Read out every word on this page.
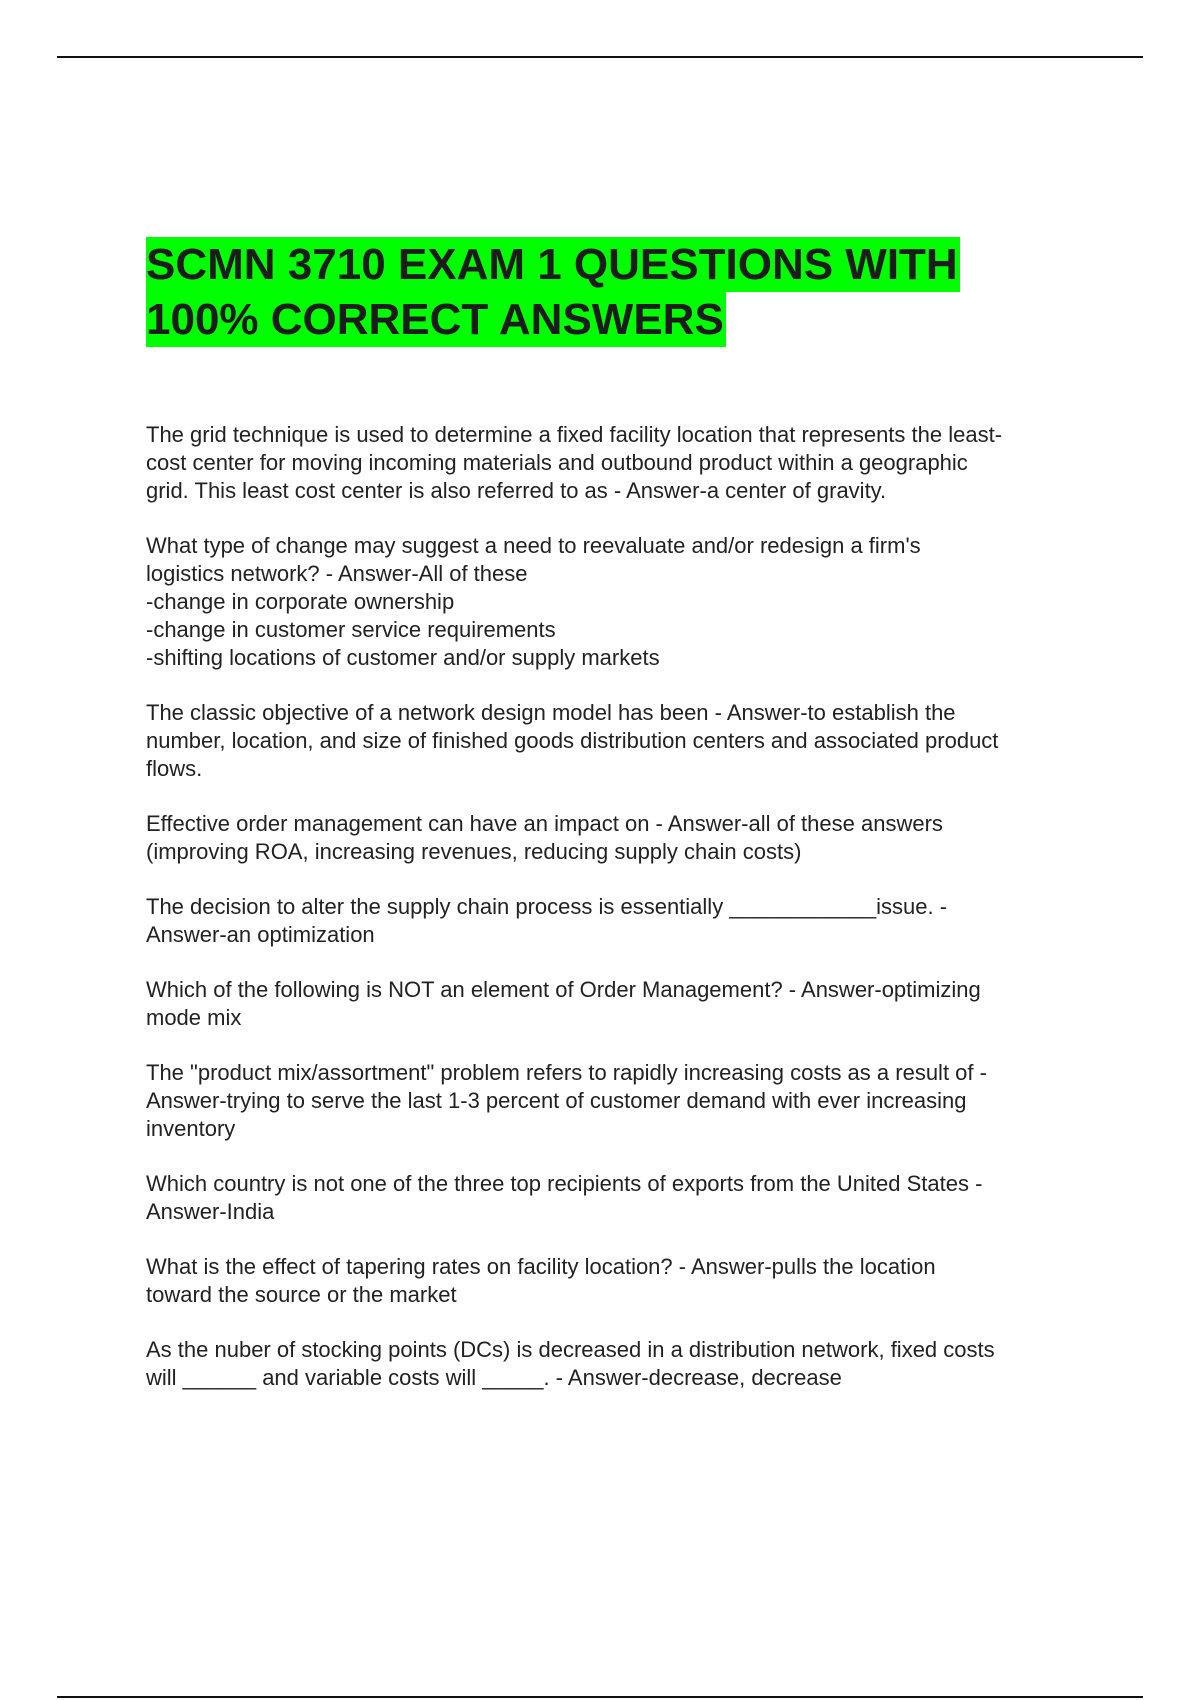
SCMN 3710 EXAM 1 QUESTIONS WITH
100% CORRECT ANSWERS
The grid technique is used to determine a fixed facility location that represents the least-
cost center for moving incoming materials and outbound product within a geographic
grid. This least cost center is also referred to as - Answer-a center of gravity.
What type of change may suggest a need to reevaluate and/or redesign a firm's
logistics network? - Answer-All of these
-change in corporate ownership
-change in customer service requirements
-shifting locations of customer and/or supply markets
The classic objective of a network design model has been - Answer-to establish the
number, location, and size of finished goods distribution centers and associated product
flows.
Effective order management can have an impact on - Answer-all of these answers
(improving ROA, increasing revenues, reducing supply chain costs)
The decision to alter the supply chain process is essentially ____________issue. -
Answer-an optimization
Which of the following is NOT an element of Order Management? - Answer-optimizing
mode mix
The "product mix/assortment" problem refers to rapidly increasing costs as a result of -
Answer-trying to serve the last 1-3 percent of customer demand with ever increasing
inventory
Which country is not one of the three top recipients of exports from the United States -
Answer-India
What is the effect of tapering rates on facility location? - Answer-pulls the location
toward the source or the market
As the nuber of stocking points (DCs) is decreased in a distribution network, fixed costs
will ______ and variable costs will _____. - Answer-decrease, decrease
